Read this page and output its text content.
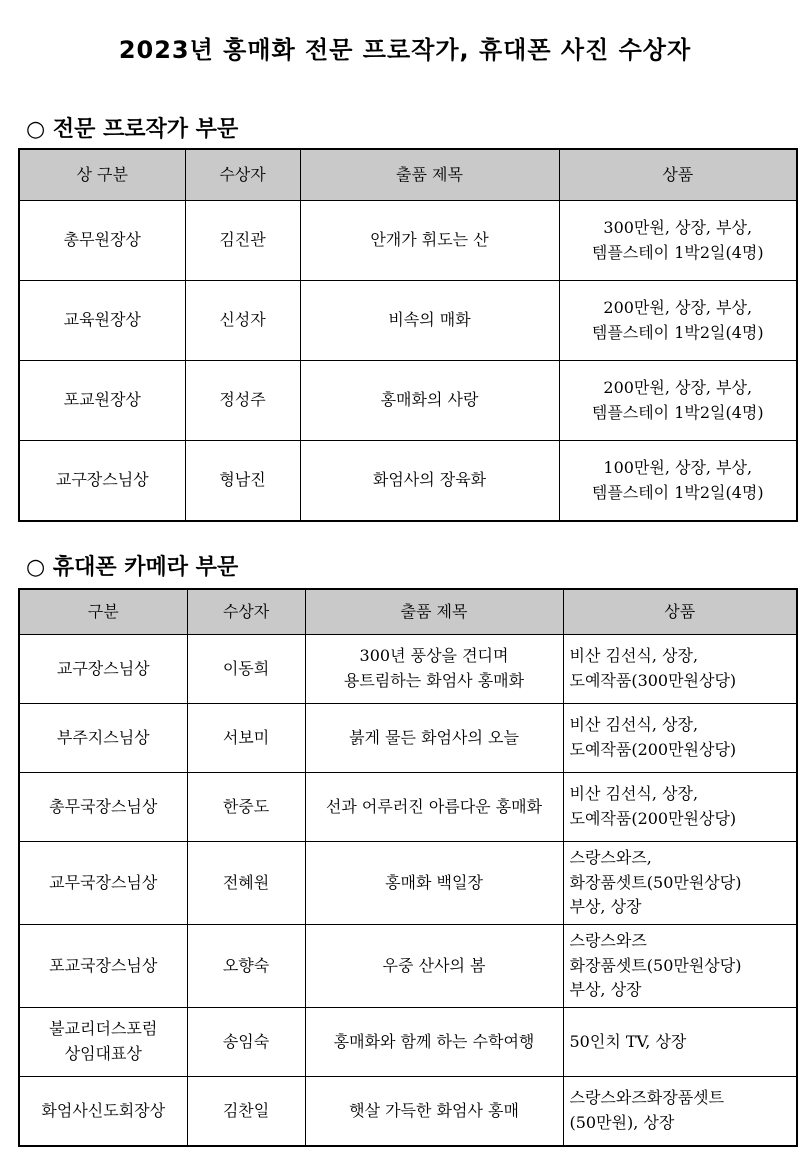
2023년 홍매화 전문 프로작가, 휴대폰 사진 수상자
○ 전문 프로작가 부문
상 구분	수상자	출품 제목	상품
총무원장상	김진관	안개가 휘도는 산	300만원, 상장, 부상,
템플스테이 1박2일(4명)

교육원장상	신성자	비속의 매화	200만원, 상장, 부상,
템플스테이 1박2일(4명)

포교원장상	정성주	홍매화의 사랑	200만원, 상장, 부상,
템플스테이 1박2일(4명)

교구장스님상	형남진	화엄사의 장육화	100만원, 상장, 부상,
템플스테이 1박2일(4명)
○ 휴대폰 카메라 부문
구분	수상자	출품 제목	상품

교구장스님상	이동희	300년 풍상을 견디며
용트림하는 화엄사 홍매화	비산 김선식, 상장,
도예작품(300만원상당)

부주지스님상	서보미	붉게 물든 화엄사의 오늘	비산 김선식, 상장,
도예작품(200만원상당)

총무국장스님상	한중도	선과 어루러진 아름다운 홍매화	비산 김선식, 상장,
도예작품(200만원상당)

교무국장스님상	전혜원	홍매화 백일장	스랑스와즈,
화장품셋트(50만원상당)
부상, 상장

포교국장스님상	오향숙	우중 산사의 봄	스랑스와즈
화장품셋트(50만원상당)
부상, 상장

불교리더스포럼
상임대표상	송임숙	홍매화와 함께 하는 수학여행	50인치 TV, 상장

화엄사신도회장상	김찬일	햇살 가득한 화엄사 홍매	스랑스와즈화장품셋트
(50만원), 상장
